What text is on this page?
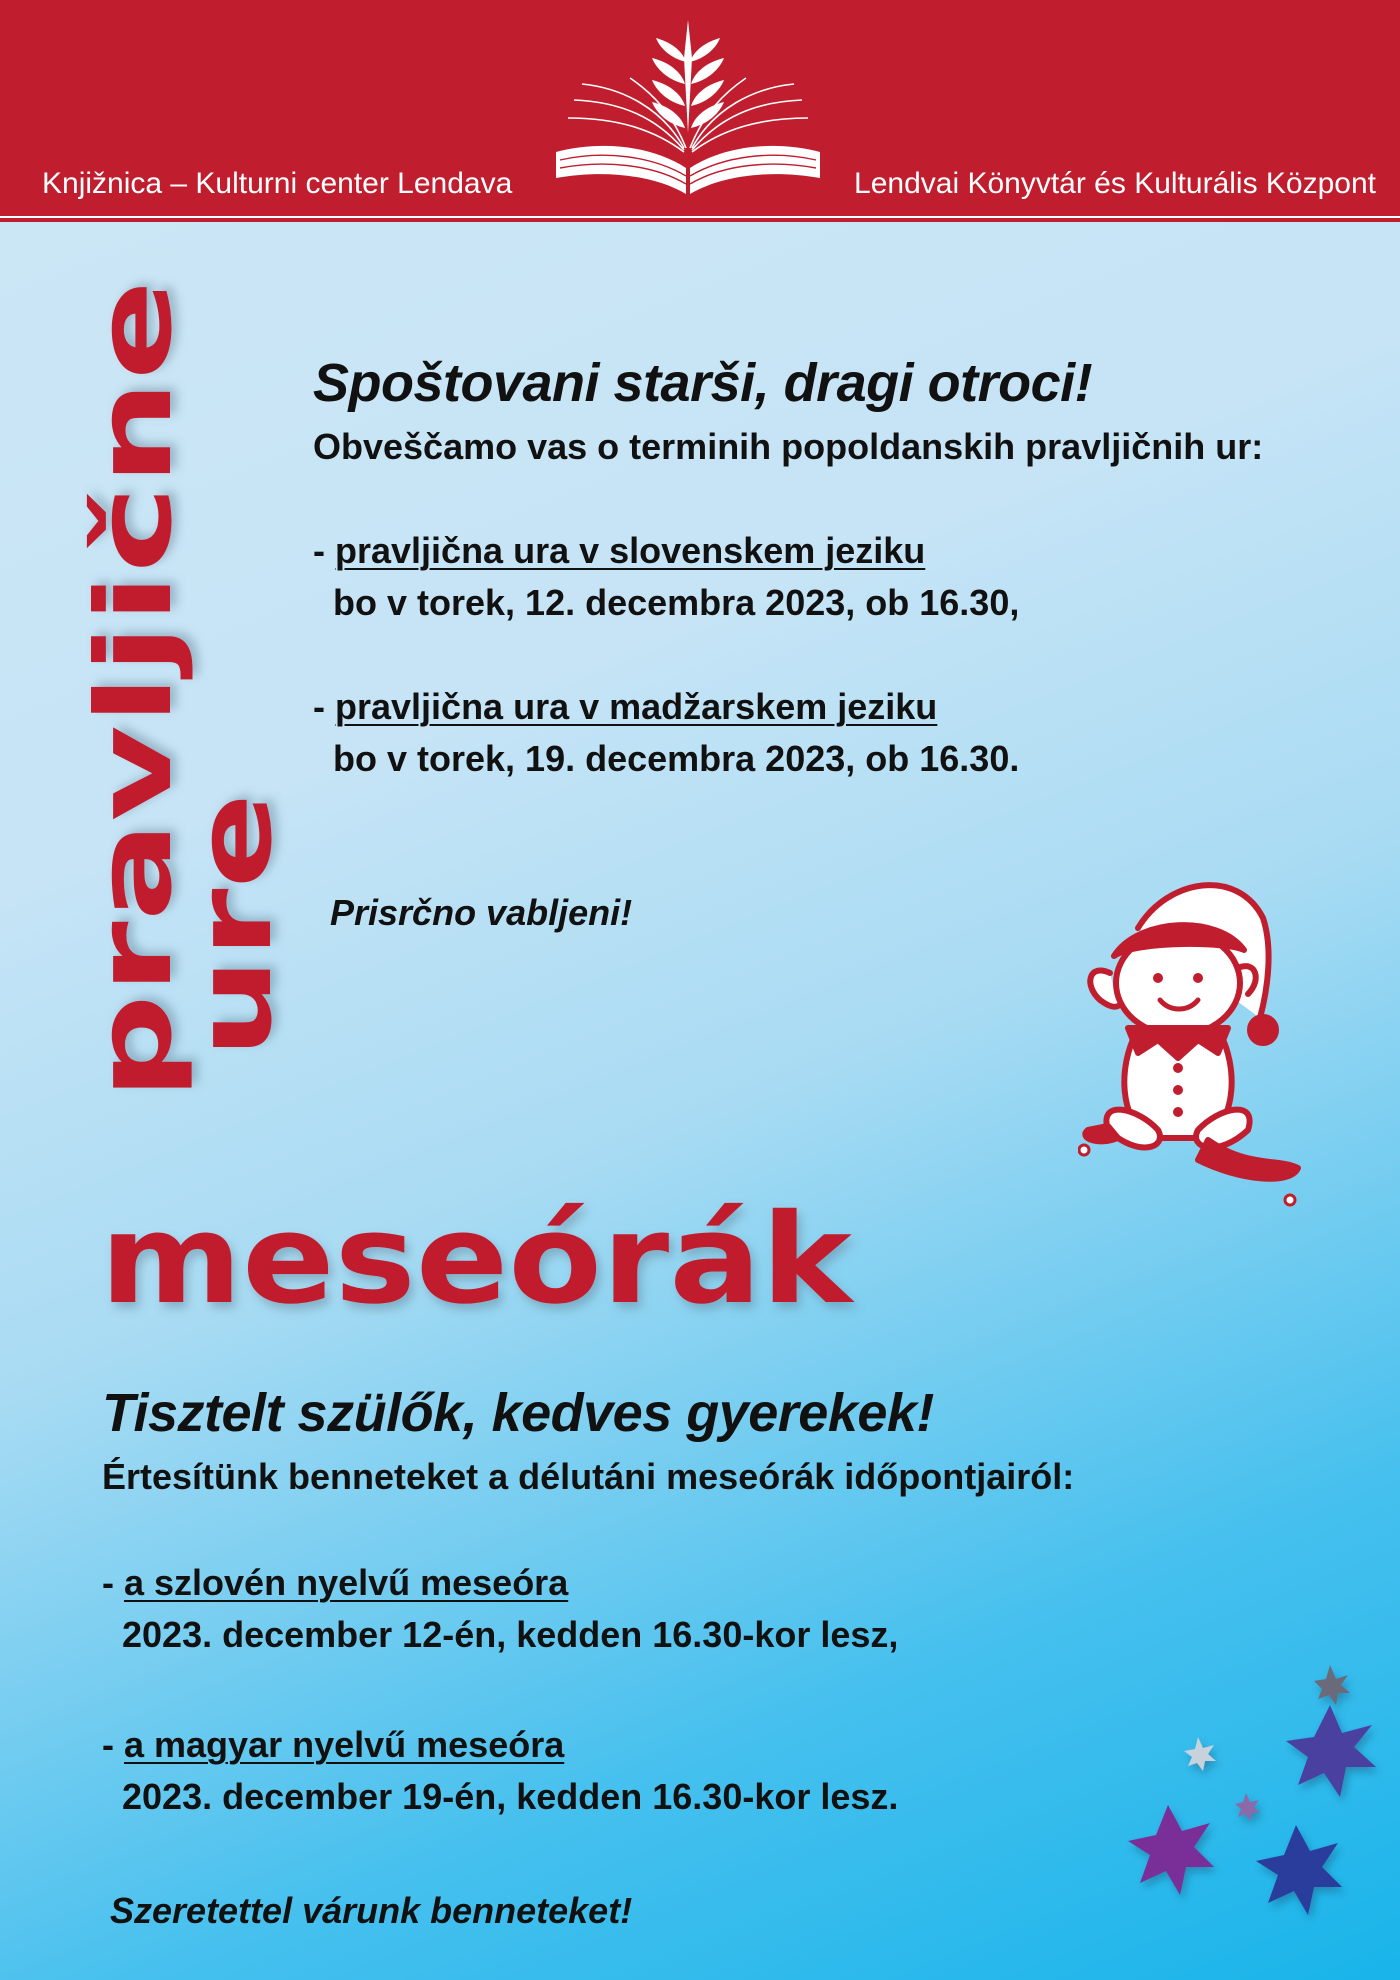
Knjižnica – Kulturni center Lendava	Lendvai Könyvtár és Kulturális Központ
pravljične
ure
meseórák
Spoštovani starši, dragi otroci!
Obveščamo vas o terminih popoldanskih pravljičnih ur:
- pravljična ura v slovenskem jeziku
bo v torek, 12. decembra 2023, ob 16.30,
- pravljična ura v madžarskem jeziku
bo v torek, 19. decembra 2023, ob 16.30.
Prisrčno vabljeni!
Tisztelt szülők, kedves gyerekek!
Értesítünk benneteket a délutáni meseórák időpontjairól:
- a szlovén nyelvű meseóra
2023. december 12-én, kedden 16.30-kor lesz,
- a magyar nyelvű meseóra
2023. december 19-én, kedden 16.30-kor lesz.
Szeretettel várunk benneteket!
